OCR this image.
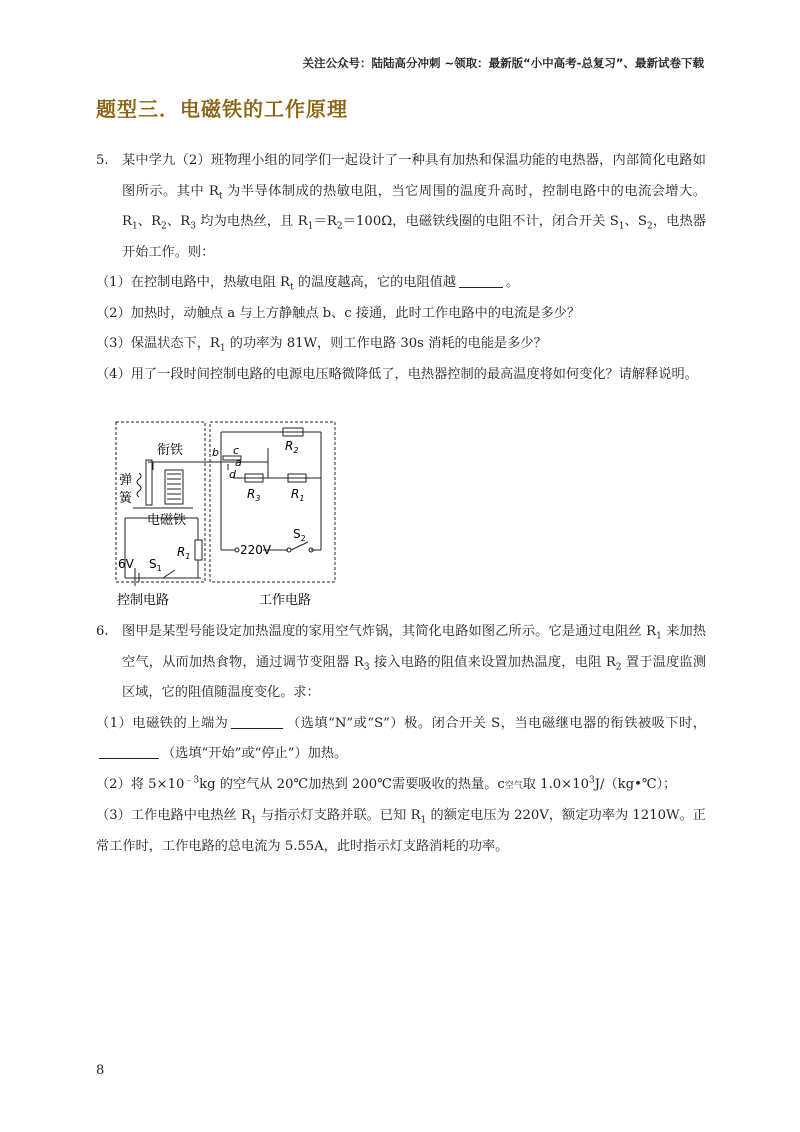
关注公众号：陆陆高分冲刺 ~领取：最新版“小中高考-总复习”、最新试卷下载
题型三．电磁铁的工作原理
5. 某中学九（2）班物理小组的同学们一起设计了一种具有加热和保温功能的电热器，内部简化电路如图所示。其中 $R_t$ 为半导体制成的热敏电阻，当它周围的温度升高时，控制电路中的电流会增大。$R_1$、$R_2$、$R_3$ 均为电热丝，且 $R_1=R_2=100\Omega$，电磁铁线圈的电阻不计，闭合开关 $S_1$、$S_2$，电热器开始工作。则：
（1）在控制电路中，热敏电阻 $R_t$ 的温度越高，它的电阻值越	。
（2）加热时，动触点 a 与上方静触点 b、c 接通，此时工作电路中的电流是多少？
（3）保温状态下，$R_1$ 的功率为 81W，则工作电路 30s 消耗的电能是多少？
（4）用了一段时间控制电路的电源电压略微降低了，电热器控制的最高温度将如何变化？请解释说明。
衔铁
弹
簧
电磁铁
6V $S_1$
$R_1$
b c
a
d
$R_2$
$R_3$	$R_1$
220V
$S_2$
控制电路	工作电路
6. 图甲是某型号能设定加热温度的家用空气炸锅，其简化电路如图乙所示。它是通过电阻丝 $R_1$ 来加热空气，从而加热食物，通过调节变阻器 $R_3$ 接入电路的阻值来设置加热温度，电阻 $R_2$ 置于温度监测区域，它的阻值随温度变化。求：
（1）电磁铁的上端为	（选填“N”或“S”）极。闭合开关 S，当电磁继电器的衔铁被吸下时，（选填“开始”或“停止”）加热。
（2）将 $5\times 10^{﹣3}kg$ 的空气从 20℃加热到 200℃需要吸收的热量。c空气取 $1.0\times 10^3J/(kg•℃)$；
（3）工作电路中电热丝 $R_1$ 与指示灯支路并联。已知 $R_1$ 的额定电压为 220V，额定功率为 1210W。正常工作时，工作电路的总电流为 5.55A，此时指示灯支路消耗的功率。
8
